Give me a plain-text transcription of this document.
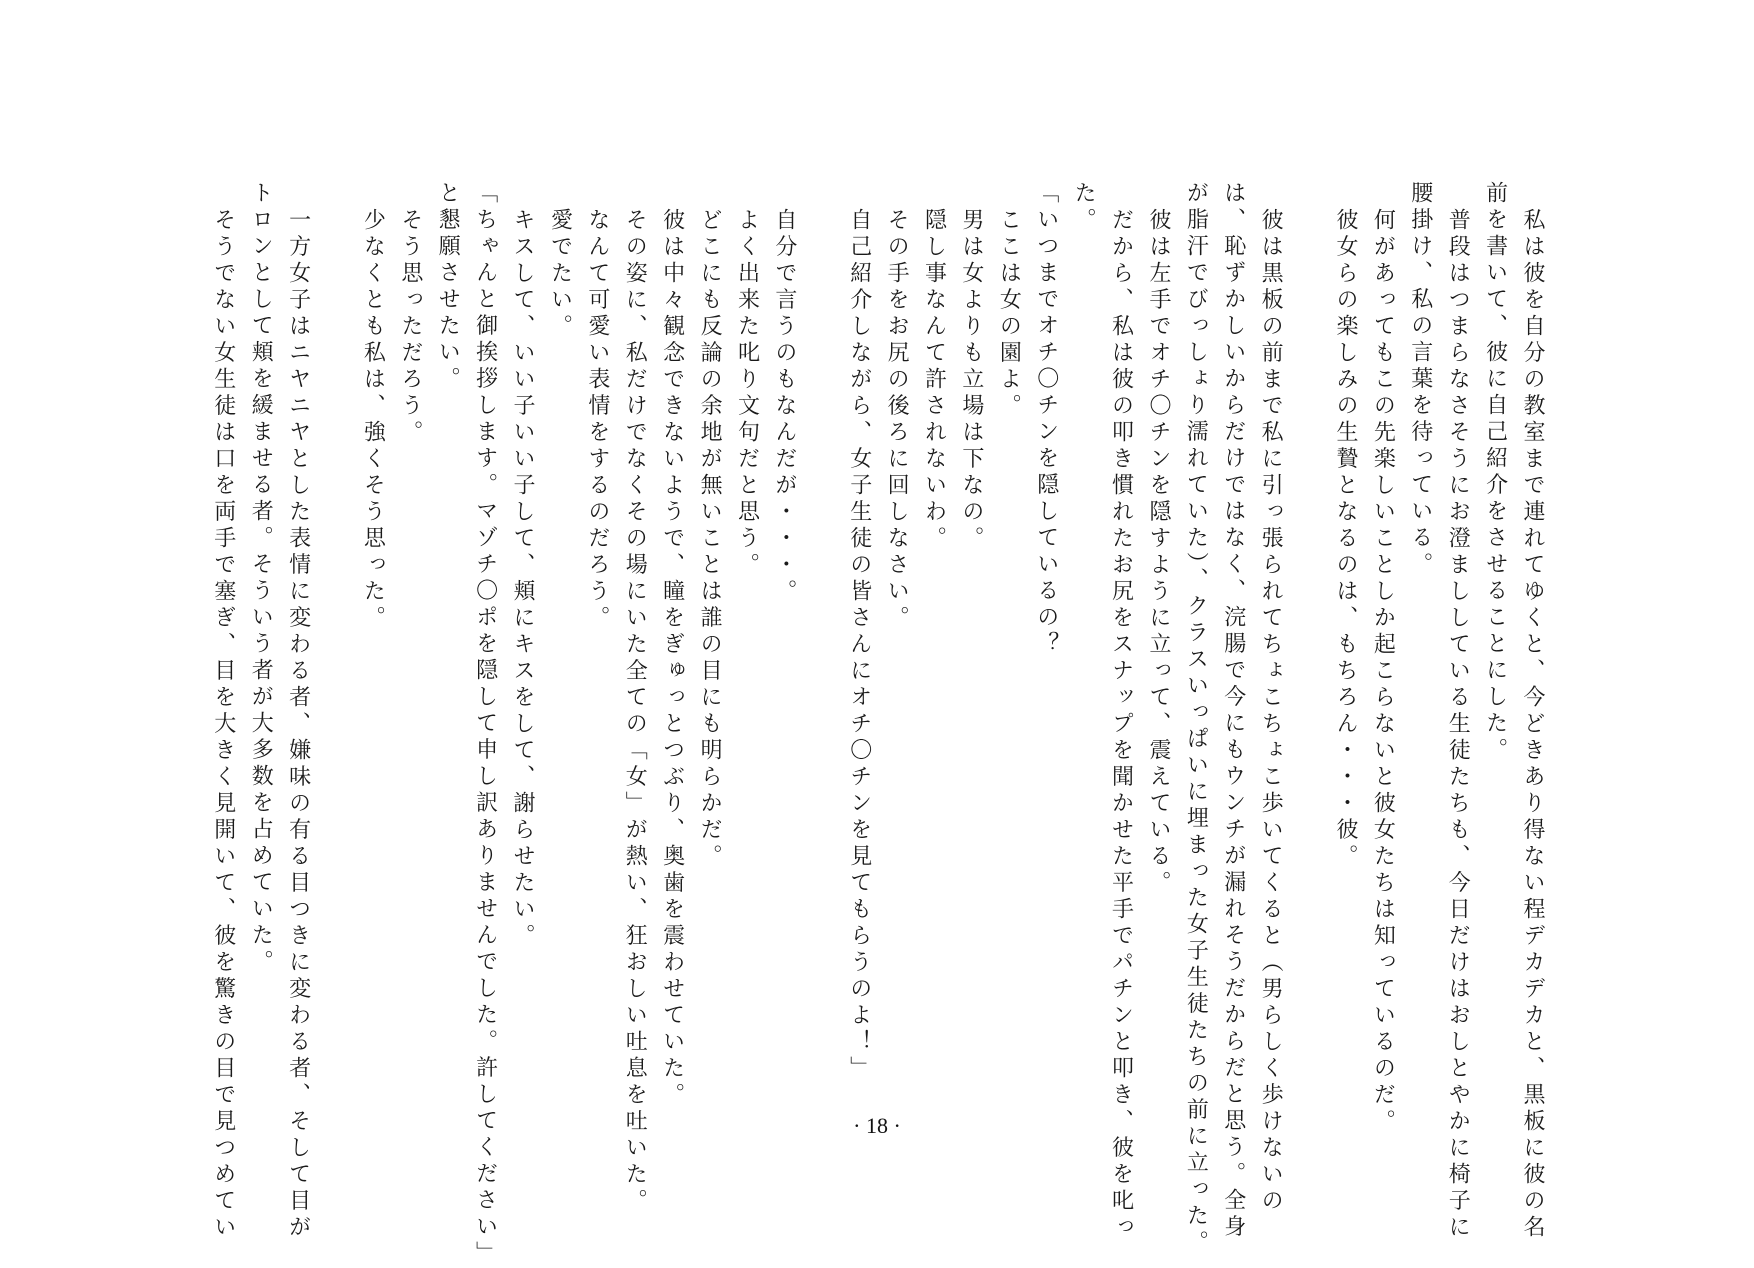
私は彼を自分の教室まで連れてゆくと、今どきあり得ない程デカデカと、黒板に彼の名
前を書いて、彼に自己紹介をさせることにした。
普段はつまらなさそうにお澄まししている生徒たちも、今日だけはおしとやかに椅子に
腰掛け、私の言葉を待っている。
何があってもこの先楽しいことしか起こらないと彼女たちは知っているのだ。
彼女らの楽しみの生贄となるのは、もちろん・・・彼。
彼は黒板の前まで私に引っ張られてちょこちょこ歩いてくると（男らしく歩けないの
は、恥ずかしいからだけではなく、浣腸で今にもウンチが漏れそうだからだと思う。全身
が脂汗でびっしょり濡れていた）、クラスいっぱいに埋まった女子生徒たちの前に立った。
彼は左手でオチ〇チンを隠すように立って、震えている。
だから、私は彼の叩き慣れたお尻をスナップを聞かせた平手でパチンと叩き、彼を叱っ
た。
「いつまでオチ〇チンを隠しているの？
ここは女の園よ。
男は女よりも立場は下なの。
隠し事なんて許されないわ。
その手をお尻の後ろに回しなさい。
自己紹介しながら、女子生徒の皆さんにオチ〇チンを見てもらうのよ！」
自分で言うのもなんだが・・・。
よく出来た叱り文句だと思う。
どこにも反論の余地が無いことは誰の目にも明らかだ。
彼は中々観念できないようで、瞳をぎゅっとつぶり、奥歯を震わせていた。
その姿に、私だけでなくその場にいた全ての「女」が熱い、狂おしい吐息を吐いた。
なんて可愛い表情をするのだろう。
愛でたい。
キスして、いい子いい子して、頬にキスをして、謝らせたい。
「ちゃんと御挨拶します。マゾチ〇ポを隠して申し訳ありませんでした。許してください」
と懇願させたい。
そう思っただろう。
少なくとも私は、強くそう思った。
一方女子はニヤニヤとした表情に変わる者、嫌味の有る目つきに変わる者、そして目が
トロンとして頬を緩ませる者。そういう者が大多数を占めていた。
そうでない女生徒は口を両手で塞ぎ、目を大きく見開いて、彼を驚きの目で見つめてい	· 18 ·
